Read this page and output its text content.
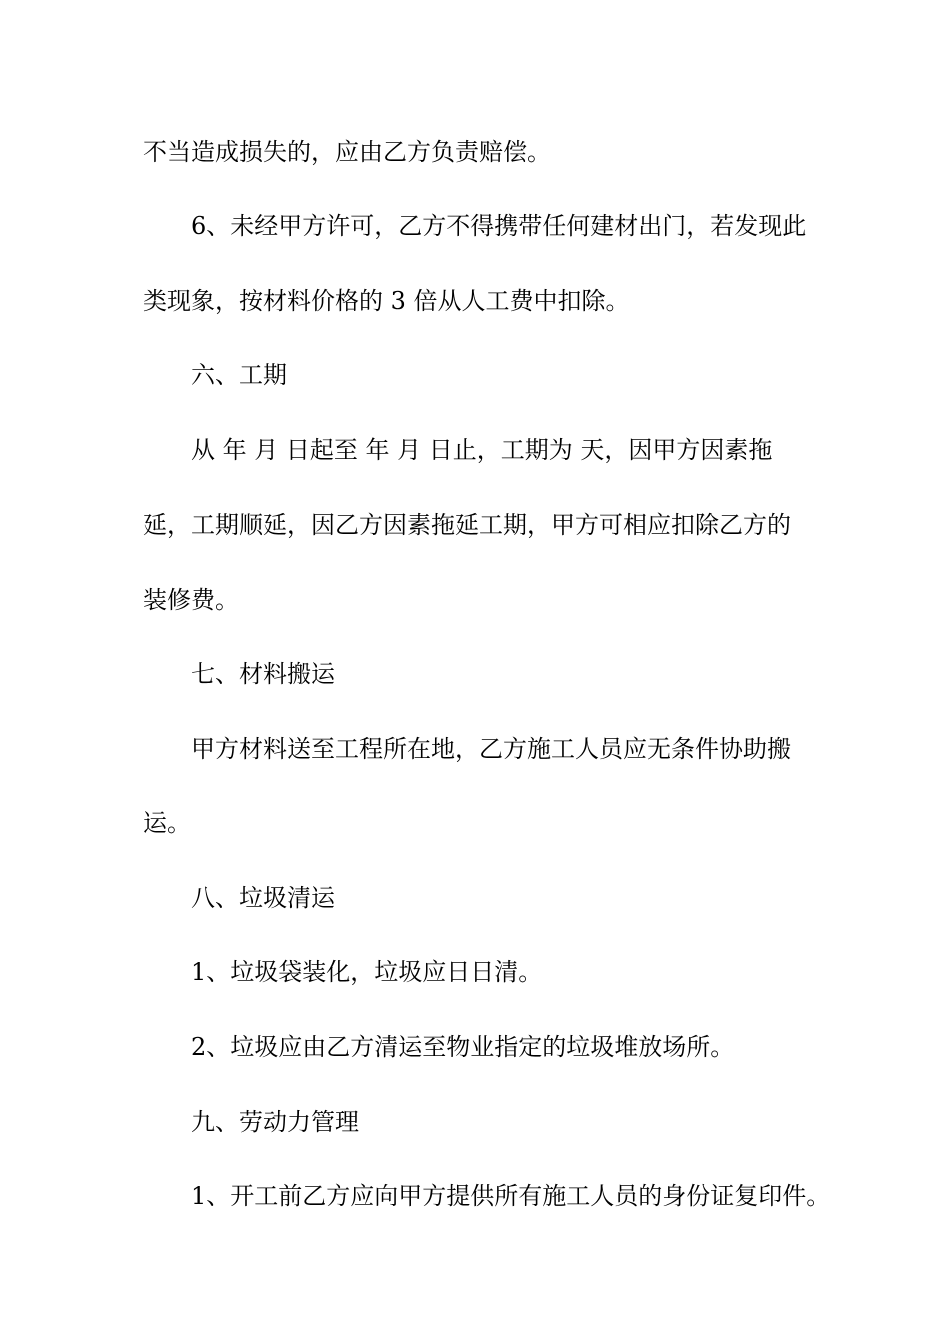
不当造成损失的，应由乙方负责赔偿。
6、未经甲方许可，乙方不得携带任何建材出门，若发现此
类现象，按材料价格的 3 倍从人工费中扣除。
六、工期
从 年 月 日起至 年 月 日止，工期为 天，因甲方因素拖
延，工期顺延，因乙方因素拖延工期，甲方可相应扣除乙方的
装修费。
七、材料搬运
甲方材料送至工程所在地，乙方施工人员应无条件协助搬
运。
八、垃圾清运
1、垃圾袋装化，垃圾应日日清。
2、垃圾应由乙方清运至物业指定的垃圾堆放场所。
九、劳动力管理
1、开工前乙方应向甲方提供所有施工人员的身份证复印件。
